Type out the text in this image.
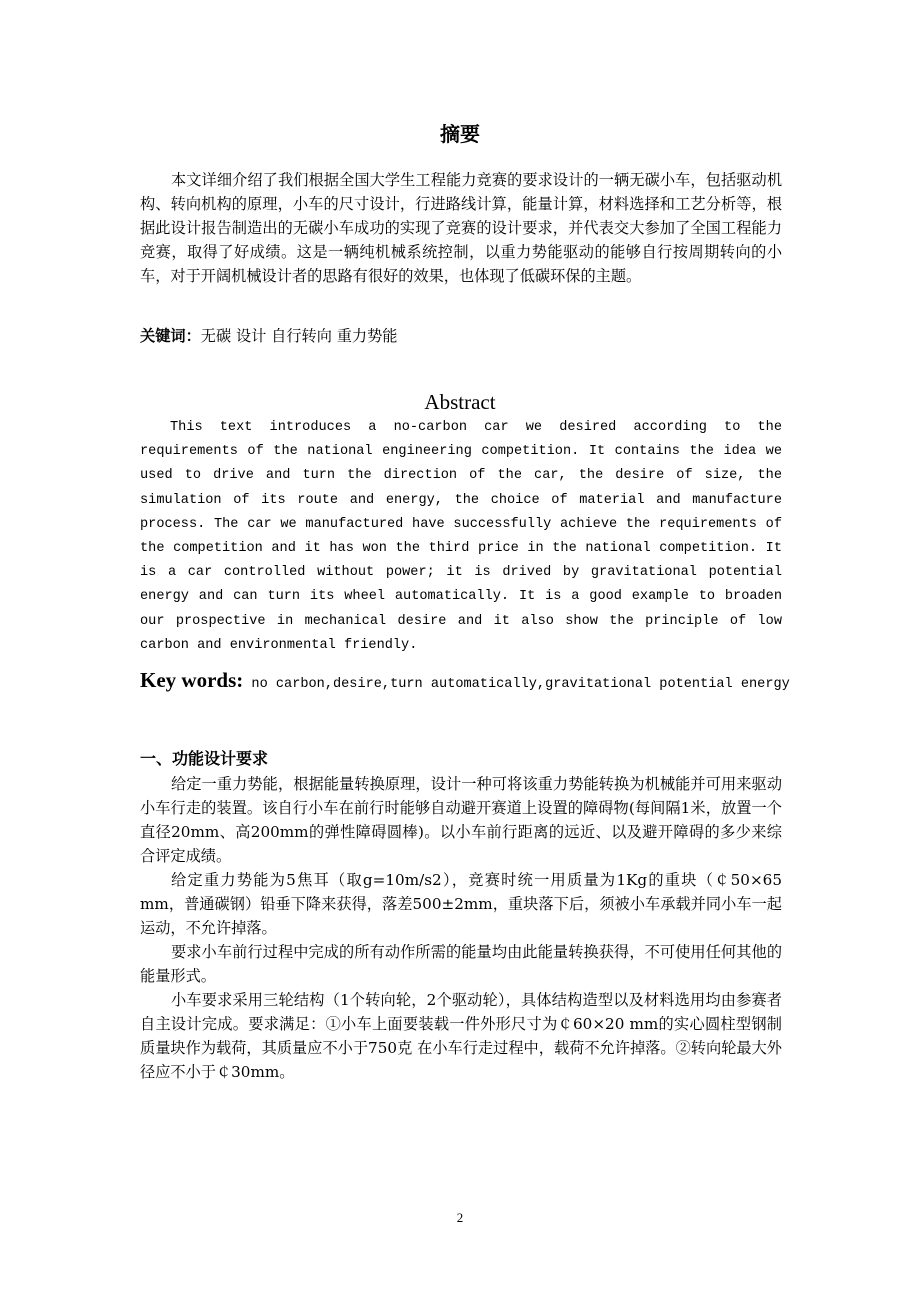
摘要
本文详细介绍了我们根据全国大学生工程能力竞赛的要求设计的一辆无碳小车，包括驱动机构、转向机构的原理，小车的尺寸设计，行进路线计算，能量计算，材料选择和工艺分析等，根据此设计报告制造出的无碳小车成功的实现了竞赛的设计要求，并代表交大参加了全国工程能力竞赛，取得了好成绩。这是一辆纯机械系统控制，以重力势能驱动的能够自行按周期转向的小车，对于开阔机械设计者的思路有很好的效果，也体现了低碳环保的主题。
关键词：无碳 设计 自行转向 重力势能
Abstract
This text introduces a no-carbon car we desired according to the requirements of the national engineering competition. It contains the idea we used to drive and turn the direction of the car, the desire of size, the simulation of its route and energy, the choice of material and manufacture process. The car we manufactured have successfully achieve the requirements of the competition and it has won the third price in the national competition. It is a car controlled without power; it is drived by gravitational potential energy and can turn its wheel automatically. It is a good example to broaden our prospective in mechanical desire and it also show the principle of low carbon and environmental friendly.
Key words: no carbon,desire,turn automatically,gravitational potential energy
一、功能设计要求

给定一重力势能，根据能量转换原理，设计一种可将该重力势能转换为机械能并可用来驱动小车行走的装置。该自行小车在前行时能够自动避开赛道上设置的障碍物(每间隔1米，放置一个直径20mm、高200mm的弹性障碍圆棒)。以小车前行距离的远近、以及避开障碍的多少来综合评定成绩。

给定重力势能为5焦耳（取g=10m/s2），竞赛时统一用质量为1Kg的重块（￠50×65 mm，普通碳钢）铅垂下降来获得，落差500±2mm，重块落下后，须被小车承载并同小车一起运动，不允许掉落。

要求小车前行过程中完成的所有动作所需的能量均由此能量转换获得，不可使用任何其他的能量形式。

小车要求采用三轮结构（1个转向轮，2个驱动轮），具体结构造型以及材料选用均由参赛者自主设计完成。要求满足：①小车上面要装载一件外形尺寸为￠60×20 mm的实心圆柱型钢制质量块作为载荷，其质量应不小于750克 在小车行走过程中，载荷不允许掉落。②转向轮最大外径应不小于￠30mm。

2
